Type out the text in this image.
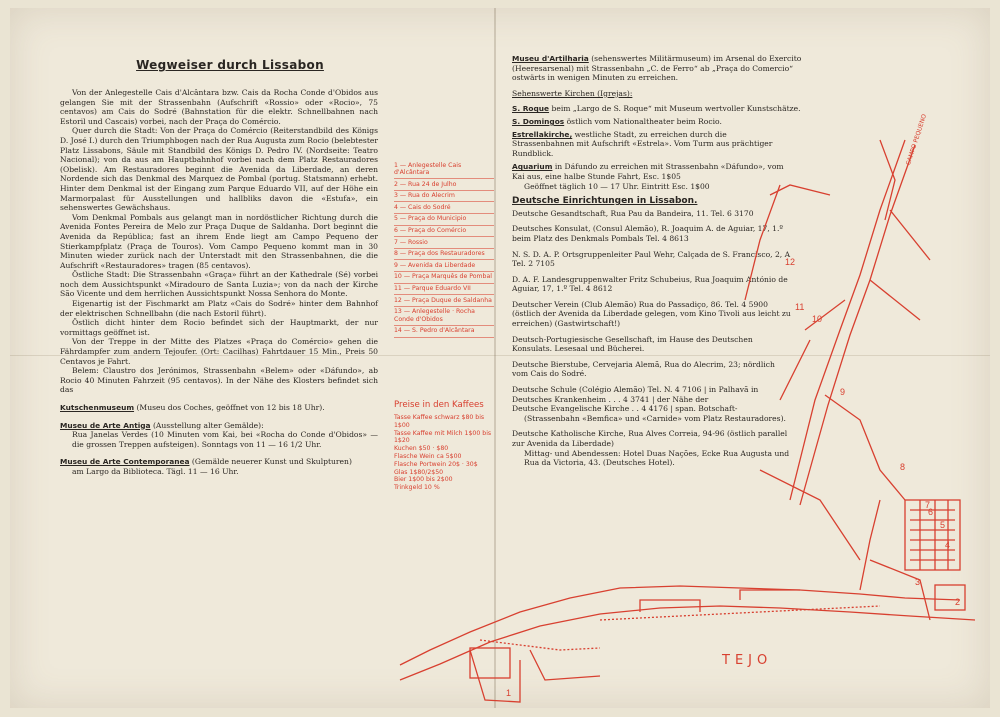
Wegweiser durch Lissabon

Von der Anlegestelle Cais d'Alcântara bzw. Cais da Rocha Conde d'Obidos aus gelangen Sie mit der Strassenbahn (Aufschrift «Rossio» oder «Rocio», 75 centavos) am Cais do Sodré (Bahnstation für die elektr. Schnellbahnen nach Estoril und Cascais) vorbei, nach der Praça do Comércio.

Quer durch die Stadt: Von der Praça do Comércio (Reiterstandbild des Königs D. José I.) durch den Triumphbogen nach der Rua Augusta zum Rocio (belebtester Platz Lissabons, Säule mit Standbild des Königs D. Pedro IV. (Nordseite: Teatro Nacional); von da aus am Hauptbahnhof vorbei nach dem Platz Restauradores (Obelisk). Am Restauradores beginnt die Avenida da Liberdade, an deren Nordende sich das Denkmal des Marquez de Pombal (portug. Statsmann) erhebt. Hinter dem Denkmal ist der Eingang zum Parque Eduardo VII, auf der Höhe ein Marmorpalast für Ausstellungen und hallbliks davon die «Estufa», ein sehenswertes Gewächshaus.

Vom Denkmal Pombals aus gelangt man in nordöstlicher Richtung durch die Avenida Fontes Pereira de Melo zur Praça Duque de Saldanha. Dort beginnt die Avenida da República; fast an ihrem Ende liegt am Campo Pequeno der Stierkampfplatz (Praça de Touros). Vom Campo Pequeno kommt man in 30 Minuten wieder zurück nach der Unterstadt mit den Strassenbahnen, die die Aufschrift «Restauradores» tragen (85 centavos).

Östliche Stadt: Die Strassenbahn «Graça» führt an der Kathedrale (Sé) vorbei noch dem Aussichtspunkt «Miradouro de Santa Luzia»; von da nach der Kirche São Vicente und dem herrlichen Aussichtspunkt Nossa Senhora do Monte.

Eigenartig ist der Fischmarkt am Platz «Cais do Sodré» hinter dem Bahnhof der elektrischen Schnellbahn (die nach Estoril führt).

Östlich dicht hinter dem Rocio befindet sich der Hauptmarkt, der nur vormittags geöffnet ist.

Von der Treppe in der Mitte des Platzes «Praça do Comércio» gehen die Fährdampfer zum andern Tejoufer. (Ort: Cacilhas) Fahrtdauer 15 Min., Preis 50 Centavos je Fahrt.

Belem: Claustro dos Jerónimos, Strassenbahn «Belem» oder «Dáfundo», ab Rocio 40 Minuten Fahrzeit (95 centavos). In der Nähe des Klosters befindet sich das

Kutschenmuseum (Museu dos Coches, geöffnet von 12 bis 18 Uhr).
Museu de Arte Antiga (Ausstellung alter Gemälde):
Rua Janelas Verdes (10 Minuten vom Kai, bei «Rocha do Conde d'Obidos» — die grossen Treppen aufsteigen). Sonntags von 11 — 16 1/2 Uhr.
Museu de Arte Contemporanea (Gemälde neuerer Kunst und Skulpturen)
am Largo da Biblioteca. Tägl. 11 — 16 Uhr.
1 — Anlegestelle Cais d'Alcântara
2 — Rua 24 de Julho
3 — Rua do Alecrim
4 — Cais do Sodré
5 — Praça do Municipio
6 — Praça do Comércio
7 — Rossio
8 — Praça dos Restauradores
9 — Avenida da Liberdade
10 — Praça Marquês de Pombal
11 — Parque Eduardo VII
12 — Praça Duque de Saldanha
13 — Anlegestelle · Rocha Conde d'Obidos
14 — S. Pedro d'Alcântara
Preise in den Kaffees
Tasse Kaffee schwarz $80 bis 1$00
Tasse Kaffee mit Milch 1$00 bis 1$20
Kuchen $50 · $80
Flasche Wein ca 5$00
Flasche Portwein 20$ · 30$
Glas 1$80/2$50
Bier 1$00 bis 2$00
Trinkgeld 10 %

Museu d'Artilharia (sehenswertes Militärmuseum) im Arsenal do Exercito (Heeresarsenal) mit Strassenbahn „C. de Ferro“ ab „Praça do Comercio“ ostwärts in wenigen Minuten zu erreichen.

Sehenswerte Kirchen (Igrejas):

S. Roque beim „Largo de S. Roque“ mit Museum wertvoller Kunstschätze.

S. Domingos östlich vom Nationaltheater beim Rocio.

Estrellakirche, westliche Stadt, zu erreichen durch die Strassenbahnen mit Aufschrift «Estrela». Vom Turm aus prächtiger Rundblick.

Aquarium in Dáfundo zu erreichen mit Strassenbahn «Dáfundo», vom Kai aus, eine halbe Stunde Fahrt, Esc. 1$05

Geöffnet täglich 10 — 17 Uhr. Eintritt Esc. 1$00

Deutsche Einrichtungen in Lissabon.

Deutsche Gesandtschaft, Rua Pau da Bandeira, 11. Tel. 6 3170

Deutsches Konsulat, (Consul Alemão), R. Joaquim A. de Aguiar, 17, 1.º beim Platz des Denkmals Pombals Tel. 4 8613

N. S. D. A. P. Ortsgruppenleiter Paul Wehr, Calçada de S. Francisco, 2, A Tel. 2 7105

D. A. F. Landesgruppenwalter Fritz Schubeius, Rua Joaquim António de Aguiar, 17, 1.º Tel. 4 8612

Deutscher Verein (Club Alemão) Rua do Passadiço, 86. Tel. 4 5900 (östlich der Avenida da Liberdade gelegen, vom Kino Tivoli aus leicht zu erreichen) (Gastwirtschaft!)

Deutsch-Portugiesische Gesellschaft, im Hause des Deutschen Konsulats. Lesesaal und Bücherei.

Deutsche Bierstube, Cervejaria Alemã, Rua do Alecrim, 23; nördlich vom Cais do Sodré.

Deutsche Schule (Colégio Alemão) Tel. N. 4 7106 | in Palhavã in

Deutsches Krankenheim . . . 4 3741 | der Nähe der

Deutsche Evangelische Kirche . . 4 4176 | span. Botschaft-

(Strassenbahn «Bemfica» und «Carnide» vom Platz Restauradores).

Deutsche Katholische Kirche, Rua Alves Correia, 94-96 (östlich parallel zur Avenida da Liberdade)

Mittag- und Abendessen: Hotel Duas Nações, Ecke Rua Augusta und Rua da Victoria, 43. (Deutsches Hotel).

1
2
3
4
5
6
7
8
9
10
11
12
TEJO
CAMPO PEQUENO
